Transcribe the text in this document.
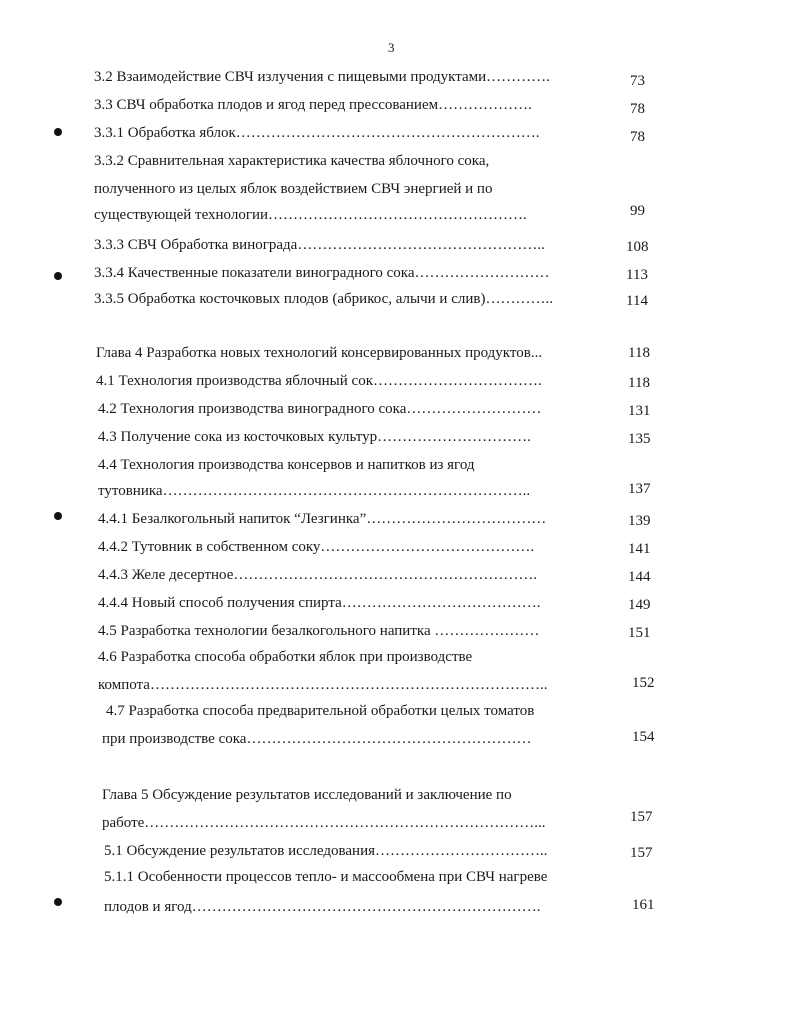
3
3.2 Взаимодействие СВЧ излучения с пищевыми продуктами………….	73
3.3 СВЧ обработка плодов и ягод перед прессованием……………….	78
3.3.1 Обработка яблок…………………………………………………….	78
3.3.2 Сравнительная характеристика качества яблочного сока,
полученного из целых яблок воздействием СВЧ энергией и по
существующей технологии…………………………………………….	99
3.3.3 СВЧ Обработка винограда…………………………………………..	108
3.3.4 Качественные показатели виноградного сока………………………	113
3.3.5 Обработка косточковых плодов (абрикос, алычи и слив)…………..	114
Глава 4 Разработка новых технологий консервированных продуктов...	118
4.1 Технология производства яблочный сок…………………………….	118
4.2 Технология производства виноградного сока………………………	131
4.3 Получение сока из косточковых культур………………………….	135
4.4 Технология производства консервов и напитков из ягод
тутовника………………………………………………………………..	137
4.4.1 Безалкогольный напиток “Лезгинка”………………………………	139
4.4.2 Тутовник в собственном соку…………………………………….	141
4.4.3 Желе десертное…………………………………………………….	144
4.4.4 Новый способ получения спирта………………………………….	149
4.5 Разработка технологии безалкогольного напитка …………………	151
4.6 Разработка способа обработки яблок при производстве
компота……………………………………………………………………..	152
4.7 Разработка способа предварительной обработки целых томатов
при производстве сока…………………………………………………	154
Глава 5 Обсуждение результатов исследований и заключение по
работе……………………………………………………………………...	157
5.1 Обсуждение результатов исследования……………………………..	157
5.1.1 Особенности процессов тепло- и массообмена при СВЧ нагреве
плодов и ягод…………………………………………………………….	161
